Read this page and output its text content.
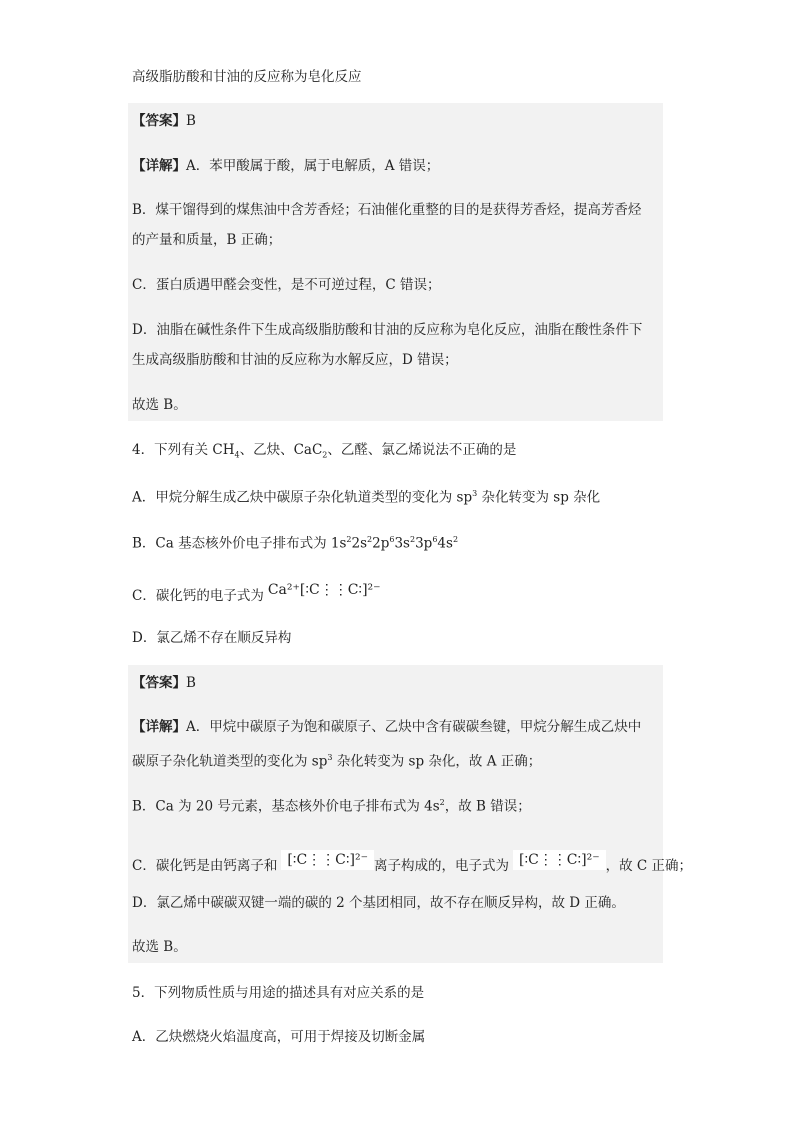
高级脂肪酸和甘油的反应称为皂化反应
【答案】B
【详解】A．苯甲酸属于酸，属于电解质，A 错误；
B．煤干馏得到的煤焦油中含芳香烃；石油催化重整的目的是获得芳香烃，提高芳香烃
的产量和质量，B 正确；
C．蛋白质遇甲醛会变性，是不可逆过程，C 错误；
D．油脂在碱性条件下生成高级脂肪酸和甘油的反应称为皂化反应，油脂在酸性条件下
生成高级脂肪酸和甘油的反应称为水解反应，D 错误；
故选 B。
4．下列有关 $CH_4$、乙炔、CaC$_2$、乙醛、氯乙烯说法不正确的是
A．甲烷分解生成乙炔中碳原子杂化轨道类型的变化为 $sp^3$ 杂化转变为 sp 杂化
B．Ca 基态核外价电子排布式为 $1s^22s^22p^63s^23p^64s^2$
C．碳化钙的电子式为 Ca²⁺[∶C⋮⋮C∶]²⁻
D．氯乙烯不存在顺反异构
【答案】B
【详解】A．甲烷中碳原子为饱和碳原子、乙炔中含有碳碳叁键，甲烷分解生成乙炔中
碳原子杂化轨道类型的变化为 $sp^3$ 杂化转变为 sp 杂化，故 A 正确；
B．Ca 为 20 号元素，基态核外价电子排布式为 $4s^2$，故 B 错误；
C．碳化钙是由钙离子和 [∶C⋮⋮C∶]²⁻ 离子构成的，电子式为 [∶C⋮⋮C∶]²⁻ ，故 C 正确；
D．氯乙烯中碳碳双键一端的碳的 2 个基团相同，故不存在顺反异构，故 D 正确。
故选 B。
5．下列物质性质与用途的描述具有对应关系的是
A．乙炔燃烧火焰温度高，可用于焊接及切断金属
